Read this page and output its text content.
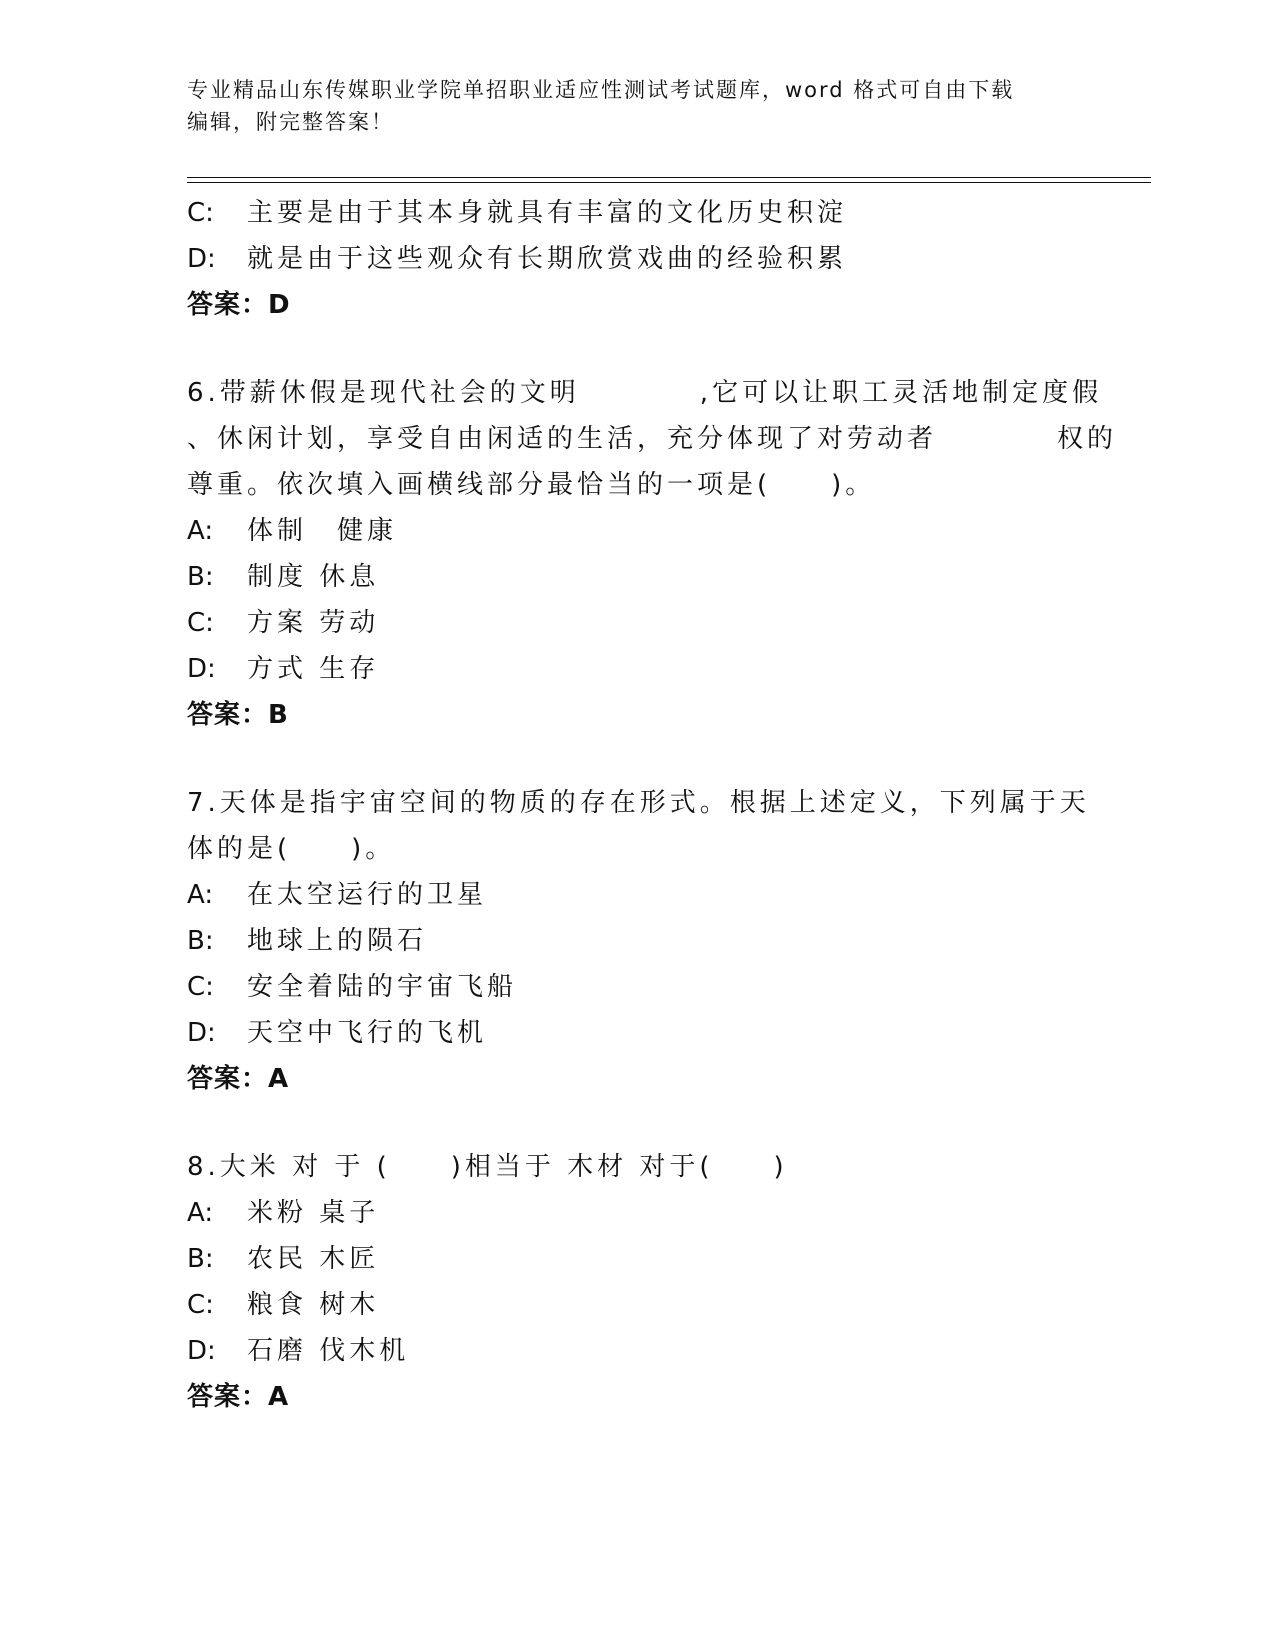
专业精品山东传媒职业学院单招职业适应性测试考试题库，word 格式可自由下载
编辑，附完整答案！
C: 主要是由于其本身就具有丰富的文化历史积淀
D: 就是由于这些观众有长期欣赏戏曲的经验积累
答案：D
6.带薪休假是现代社会的文明　　　　,它可以让职工灵活地制定度假
、休闲计划，享受自由闲适的生活，充分体现了对劳动者　　　　权的
尊重。依次填入画横线部分最恰当的一项是(　　)。
A: 体制　健康
B: 制度 休息
C: 方案 劳动
D: 方式 生存
答案：B
7.天体是指宇宙空间的物质的存在形式。根据上述定义，下列属于天
体的是(　　)。
A: 在太空运行的卫星
B: 地球上的陨石
C: 安全着陆的宇宙飞船
D: 天空中飞行的飞机
答案：A
8.大米 对 于 (　　)相当于 木材 对于(　　)
A: 米粉 桌子
B: 农民 木匠
C: 粮食 树木
D: 石磨 伐木机
答案：A
